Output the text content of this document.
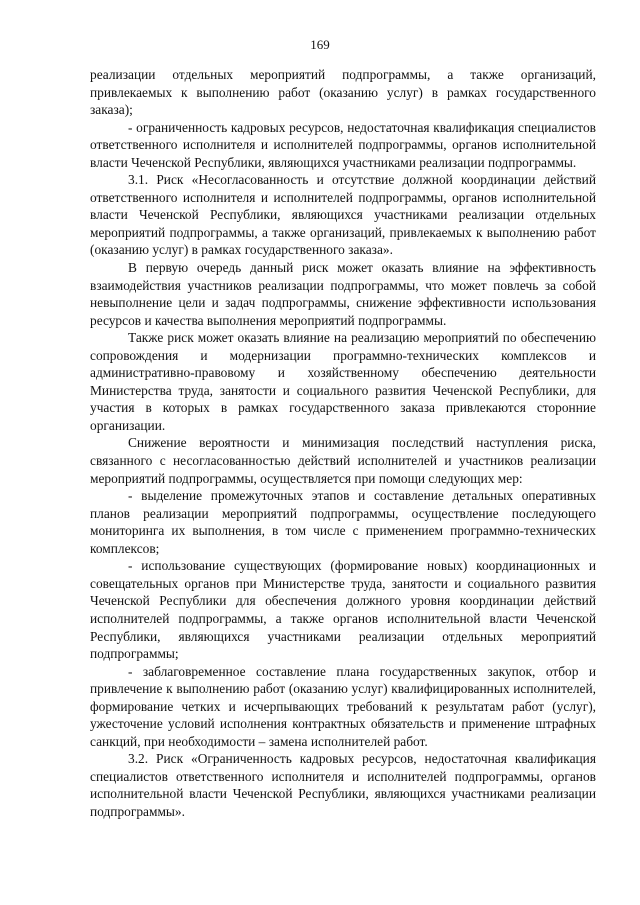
169

реализации отдельных мероприятий подпрограммы, а также организаций, привлекаемых к выполнению работ (оказанию услуг) в рамках государственного заказа);

- ограниченность кадровых ресурсов, недостаточная квалификация специалистов ответственного исполнителя и исполнителей подпрограммы, органов исполнительной власти Чеченской Республики, являющихся участниками реализации подпрограммы.

3.1. Риск «Несогласованность и отсутствие должной координации действий ответственного исполнителя и исполнителей подпрограммы, органов исполнительной власти Чеченской Республики, являющихся участниками реализации отдельных мероприятий подпрограммы, а также организаций, привлекаемых к выполнению работ (оказанию услуг) в рамках государственного заказа».

В первую очередь данный риск может оказать влияние на эффективность взаимодействия участников реализации подпрограммы, что может повлечь за собой невыполнение цели и задач подпрограммы, снижение эффективности использования ресурсов и качества выполнения мероприятий подпрограммы.

Также риск может оказать влияние на реализацию мероприятий по обеспечению сопровождения и модернизации программно-технических комплексов и административно-правовому и хозяйственному обеспечению деятельности Министерства труда, занятости и социального развития Чеченской Республики, для участия в которых в рамках государственного заказа привлекаются сторонние организации.

Снижение вероятности и минимизация последствий наступления риска, связанного с несогласованностью действий исполнителей и участников реализации мероприятий подпрограммы, осуществляется при помощи следующих мер:

- выделение промежуточных этапов и составление детальных оперативных планов реализации мероприятий подпрограммы, осуществление последующего мониторинга их выполнения, в том числе с применением программно-технических комплексов;

- использование существующих (формирование новых) координационных и совещательных органов при Министерстве труда, занятости и социального развития Чеченской Республики для обеспечения должного уровня координации действий исполнителей подпрограммы, а также органов исполнительной власти Чеченской Республики, являющихся участниками реализации отдельных мероприятий подпрограммы;

- заблаговременное составление плана государственных закупок, отбор и привлечение к выполнению работ (оказанию услуг) квалифицированных исполнителей, формирование четких и исчерпывающих требований к результатам работ (услуг), ужесточение условий исполнения контрактных обязательств и применение штрафных санкций, при необходимости – замена исполнителей работ.

3.2. Риск «Ограниченность кадровых ресурсов, недостаточная квалификация специалистов ответственного исполнителя и исполнителей подпрограммы, органов исполнительной власти Чеченской Республики, являющихся участниками реализации подпрограммы».
